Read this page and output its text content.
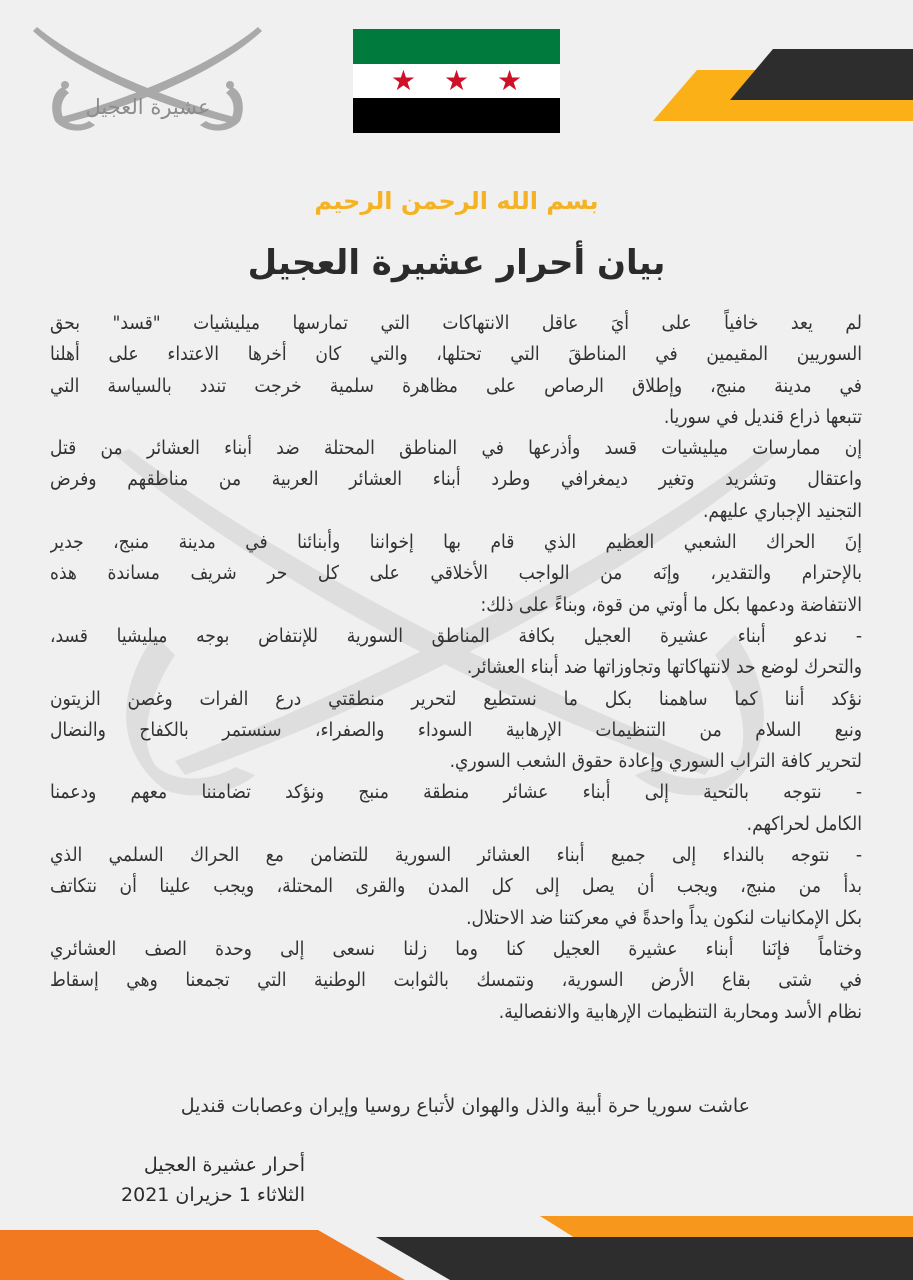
عشيرة العجيل
★ ★ ★
بسم الله الرحمن الرحيم
بيان أحرار عشيرة العجيل
لم يعد خافياً على أيَ عاقل الانتهاكات التي تمارسها ميليشيات "قسد" بحق
السوريين المقيمين في المناطقَ التي تحتلها، والتي كان أخرها الاعتداء على أهلنا
في مدينة منبج، وإطلاق الرصاص على مظاهرة سلمية خرجت تندد بالسياسة التي
تتبعها ذراع قنديل في سوريا.
إن ممارسات ميليشيات قسد وأذرعها في المناطق المحتلة ضد أبناء العشائر من قتل
واعتقال وتشريد وتغير ديمغرافي وطرد أبناء العشائر العربية من مناطقهم وفرض
التجنيد الإجباري عليهم.
إنَ الحراك الشعبي العظيم الذي قام بها إخواننا وأبنائنا في مدينة منبج، جدير
بالإحترام والتقدير، وإنَه من الواجب الأخلاقي على كل حر شريف مساندة هذه
الانتفاضة ودعمها بكل ما أوتي من قوة، وبناءً على ذلك:
- ندعو أبناء عشيرة العجيل بكافة المناطق السورية للإنتفاض بوجه ميليشيا قسد،
والتحرك لوضع حد لانتهاكاتها وتجاوزاتها ضد أبناء العشائر.
نؤكد أننا كما ساهمنا بكل ما نستطيع لتحرير منطقتي درع الفرات وغصن الزيتون
ونبع السلام من التنظيمات الإرهابية السوداء والصفراء، سنستمر بالكفاح والنضال
لتحرير كافة التراب السوري وإعادة حقوق الشعب السوري.
- نتوجه بالتحية إلى أبناء عشائر منطقة منبج ونؤكد تضامننا معهم ودعمنا
الكامل لحراكهم.
- نتوجه بالنداء إلى جميع أبناء العشائر السورية للتضامن مع الحراك السلمي الذي
بدأ من منبج، ويجب أن يصل إلى كل المدن والقرى المحتلة، ويجب علينا أن نتكاتف
بكل الإمكانيات لنكون يداً واحدةً في معركتنا ضد الاحتلال.
وختاماً فإنَنا أبناء عشيرة العجيل كنا وما زلنا نسعى إلى وحدة الصف العشائري
في شتى بقاع الأرض السورية، ونتمسك بالثوابت الوطنية التي تجمعنا وهي إسقاط
نظام الأسد ومحاربة التنظيمات الإرهابية والانفصالية.
عاشت سوريا حرة أبية والذل والهوان لأتباع روسيا وإيران وعصابات قنديل
أحرار عشيرة العجيل
الثلاثاء 1 حزيران 2021
